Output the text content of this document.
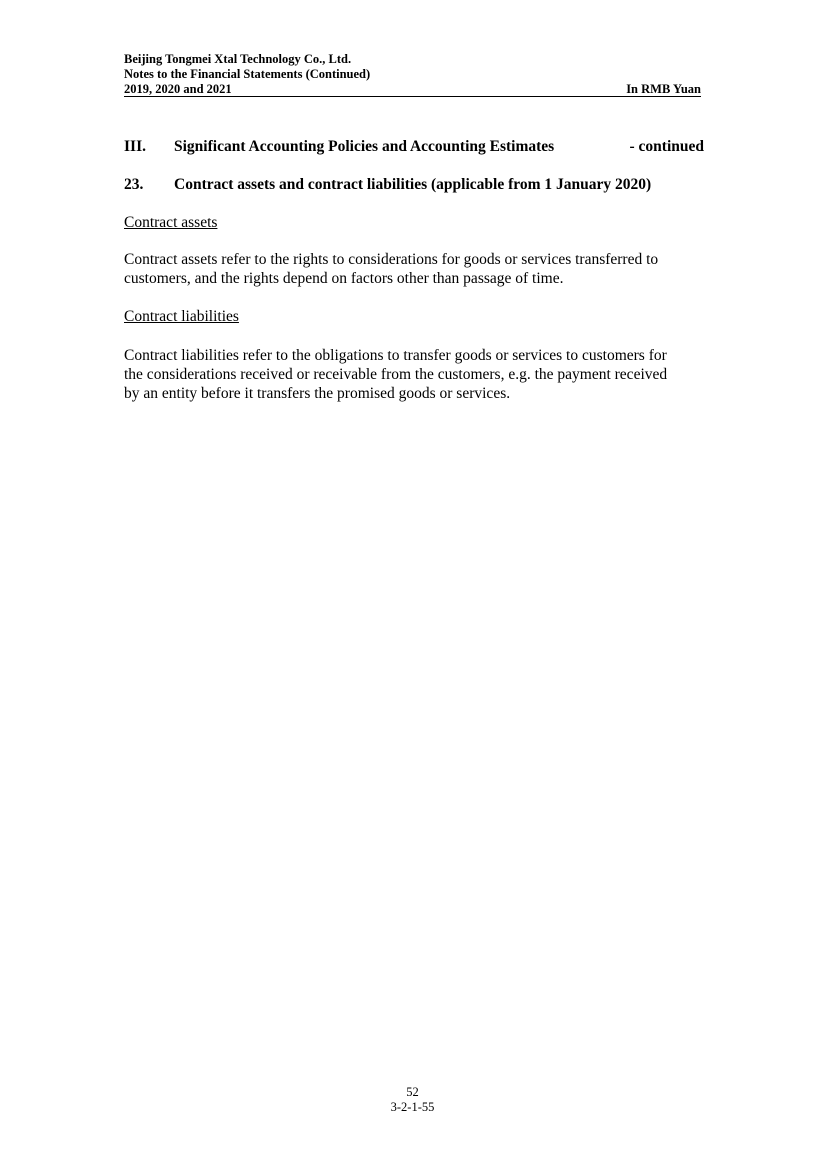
Beijing Tongmei Xtal Technology Co., Ltd.
Notes to the Financial Statements (Continued)
2019, 2020 and 2021	In RMB Yuan
III. Significant Accounting Policies and Accounting Estimates	- continued
23. Contract assets and contract liabilities (applicable from 1 January 2020)
Contract assets
Contract assets refer to the rights to considerations for goods or services transferred to
customers, and the rights depend on factors other than passage of time.
Contract liabilities
Contract liabilities refer to the obligations to transfer goods or services to customers for
the considerations received or receivable from the customers, e.g. the payment received
by an entity before it transfers the promised goods or services.
52
3-2-1-55
